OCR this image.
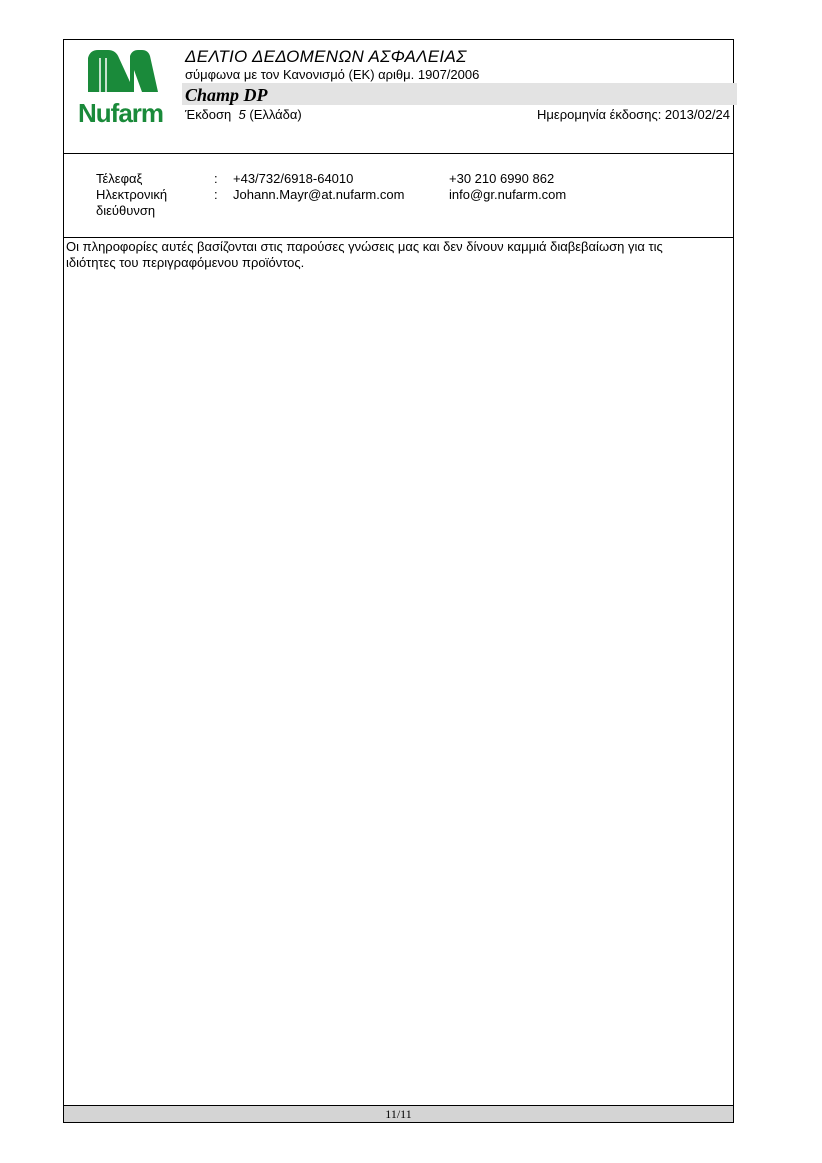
Nufarm
ΔΕΛΤΙΟ ΔΕΔΟΜΕΝΩΝ ΑΣΦΑΛΕΙΑΣ
σύμφωνα με τον Κανονισμό (ΕΚ) αριθμ. 1907/2006
Champ DP
Έκδοση 5 (Ελλάδα)	Ημερομηνία έκδοσης: 2013/02/24
Τέλεφαξ	: +43/732/6918-64010	+30 210 6990 862
Ηλεκτρονική
διεύθυνση
: Johann.Mayr@at.nufarm.com	info@gr.nufarm.com
Οι πληροφορίες αυτές βασίζονται στις παρούσες γνώσεις μας και δεν δίνουν καμμιά διαβεβαίωση για τις
ιδιότητες του περιγραφόμενου προϊόντος.
11/11
